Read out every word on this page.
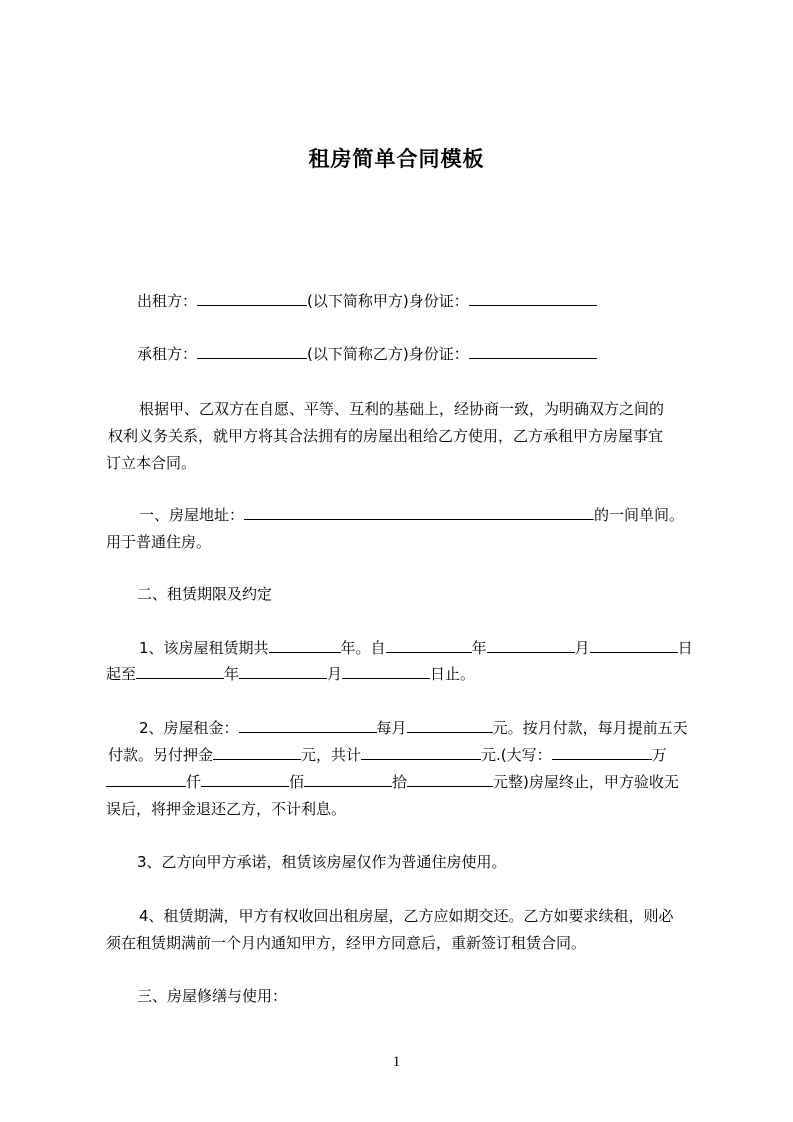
租房简单合同模板
出租方：	(以下简称甲方)身份证：
承租方：	(以下简称乙方)身份证：
根据甲、乙双方在自愿、平等、互利的基础上，经协商一致，为明确双方之间的
权利义务关系，就甲方将其合法拥有的房屋出租给乙方使用，乙方承租甲方房屋事宜
订立本合同。
一、房屋地址：	的一间单间。
用于普通住房。
二、租赁期限及约定
1、该房屋租赁期共	年。自	年	月	日
起至	年	月	日止。
2、房屋租金：	每月	元。按月付款，每月提前五天
付款。另付押金	元，共计	元.(大写：	万
仟	佰	拾	元整)房屋终止，甲方验收无
误后，将押金退还乙方，不计利息。
3、乙方向甲方承诺，租赁该房屋仅作为普通住房使用。
4、租赁期满，甲方有权收回出租房屋，乙方应如期交还。乙方如要求续租，则必
须在租赁期满前一个月内通知甲方，经甲方同意后，重新签订租赁合同。
三、房屋修缮与使用：
1
